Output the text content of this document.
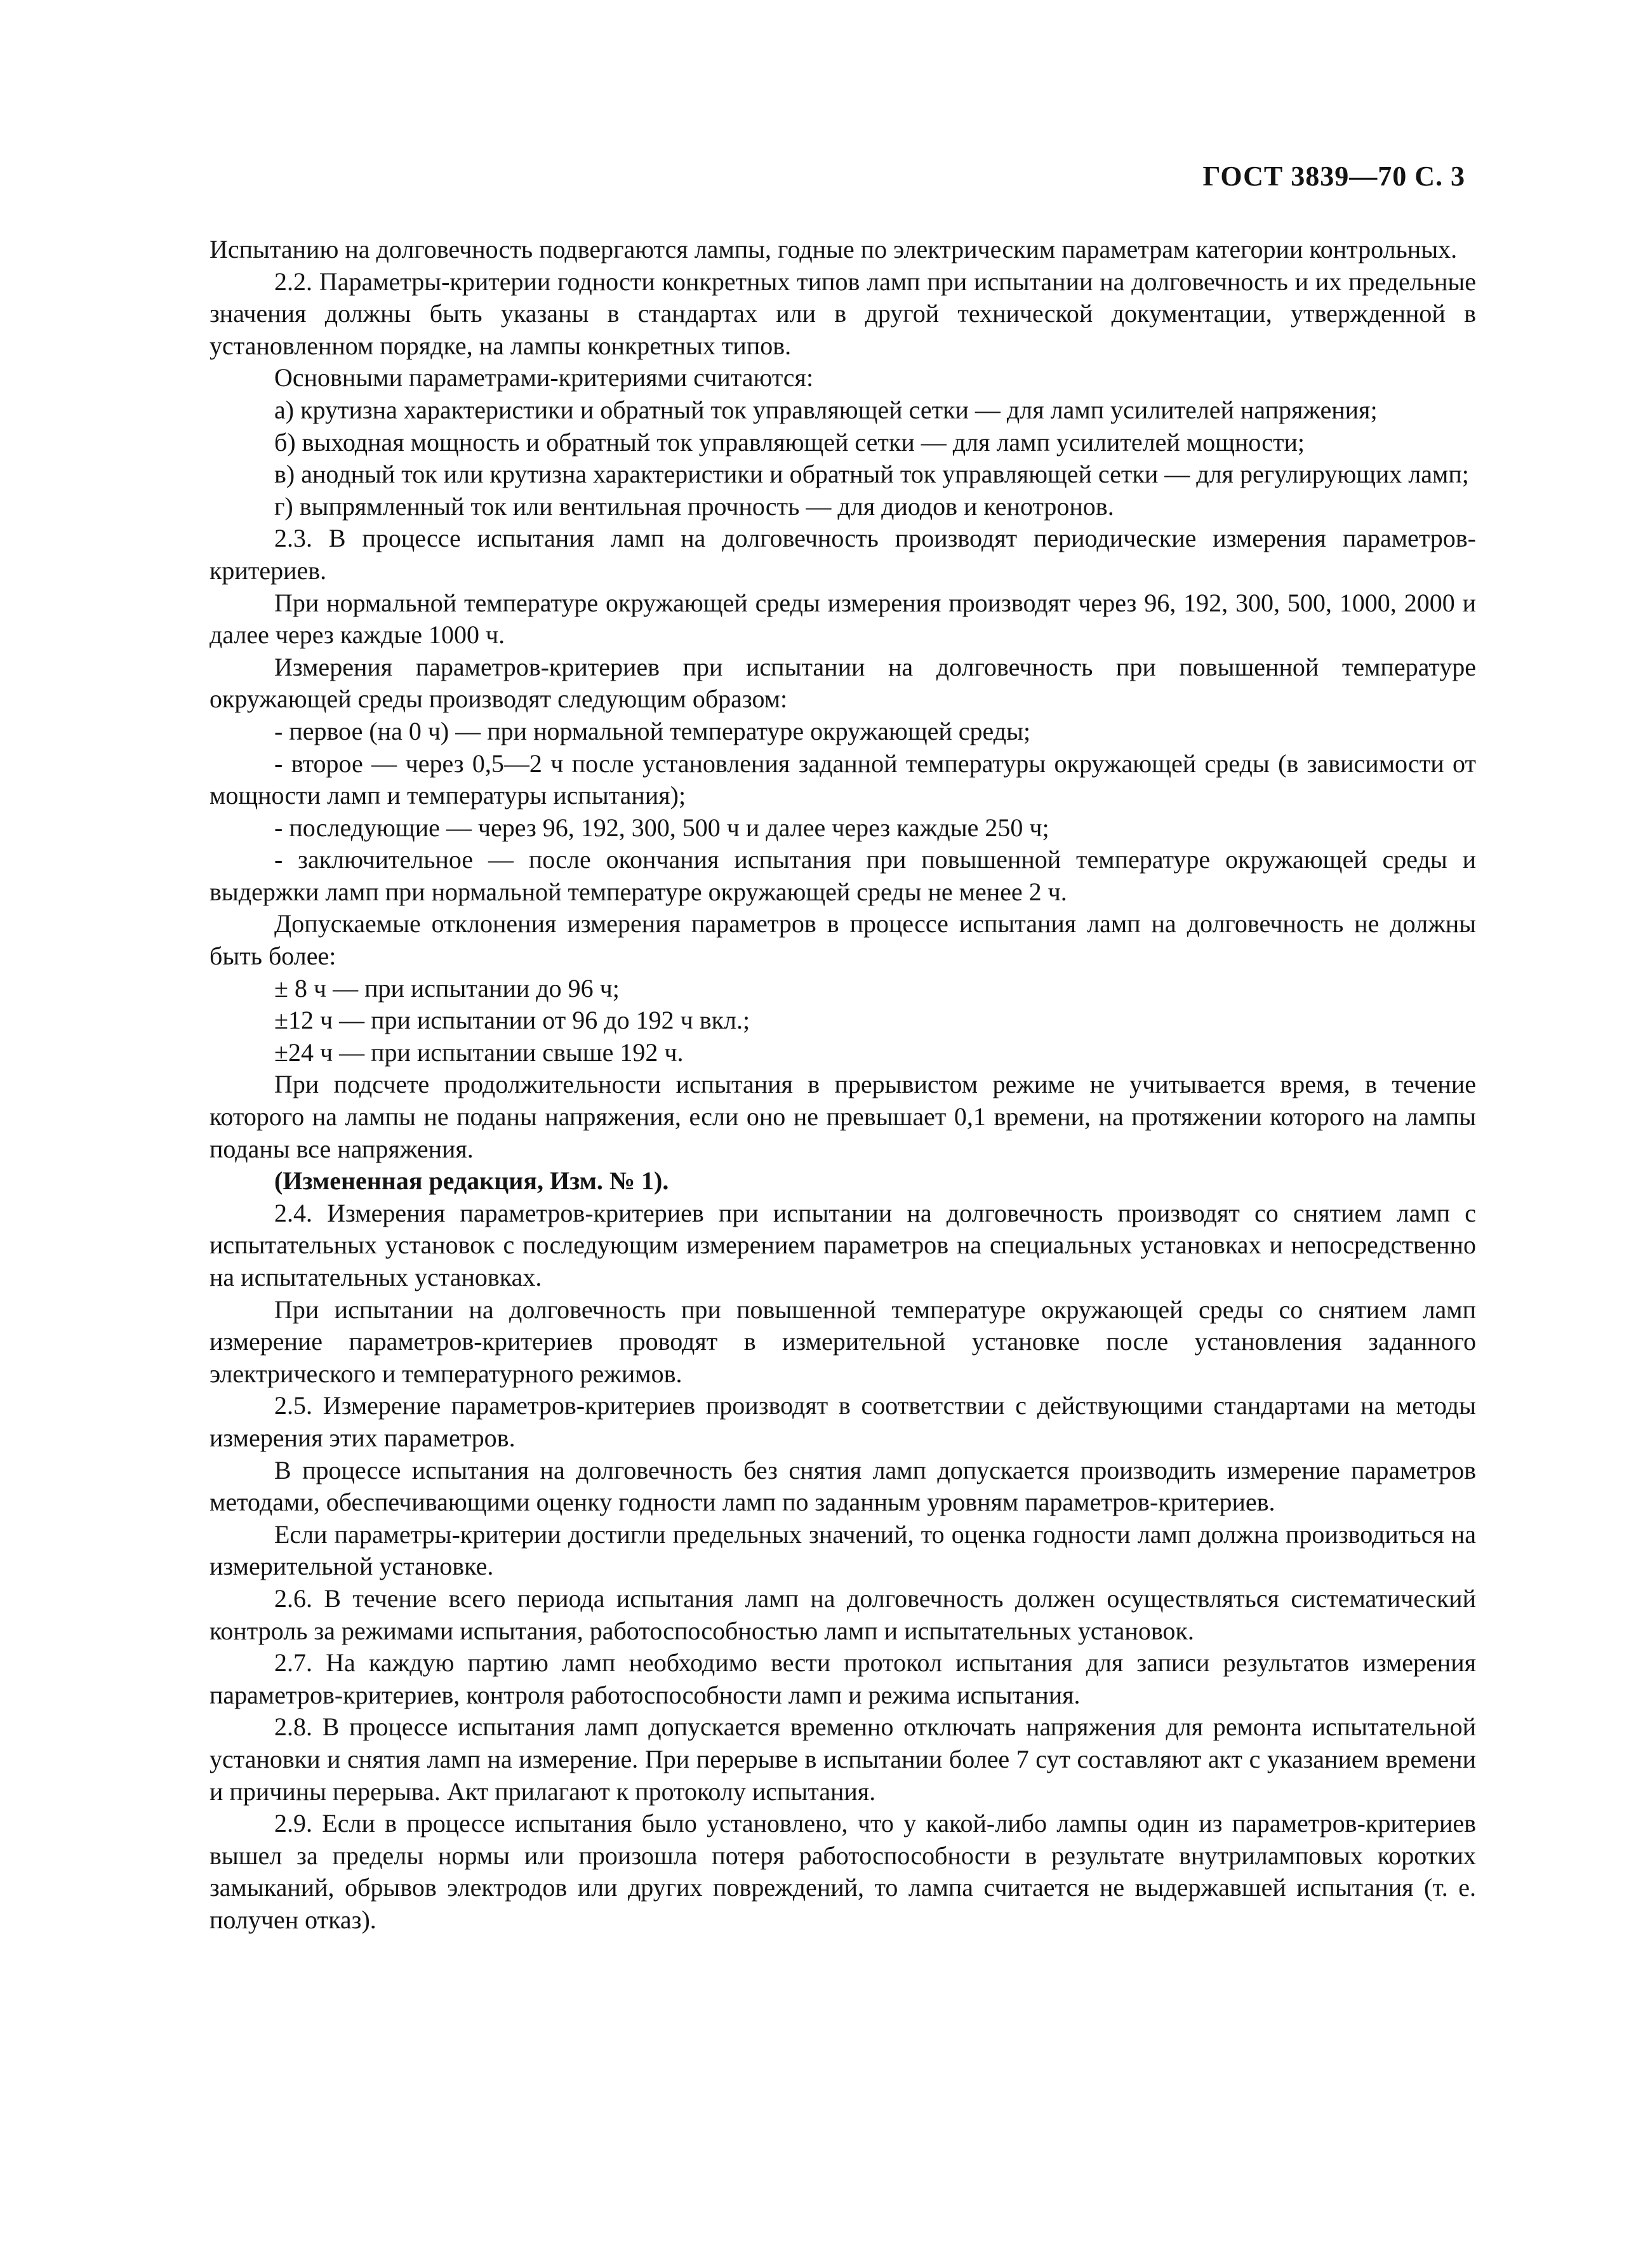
ГОСТ 3839—70 С. 3

Испытанию на долговечность подвергаются лампы, годные по электрическим параметрам категории контрольных.

2.2. Параметры-критерии годности конкретных типов ламп при испытании на долговечность и их предельные значения должны быть указаны в стандартах или в другой технической документации, утвержденной в установленном порядке, на лампы конкретных типов.

Основными параметрами-критериями считаются:

а) крутизна характеристики и обратный ток управляющей сетки — для ламп усилителей напряжения;

б) выходная мощность и обратный ток управляющей сетки — для ламп усилителей мощности;

в) анодный ток или крутизна характеристики и обратный ток управляющей сетки — для регулирующих ламп;

г) выпрямленный ток или вентильная прочность — для диодов и кенотронов.

2.3. В процессе испытания ламп на долговечность производят периодические измерения параметров-критериев.

При нормальной температуре окружающей среды измерения производят через 96, 192, 300, 500, 1000, 2000 и далее через каждые 1000 ч.

Измерения параметров-критериев при испытании на долговечность при повышенной температуре окружающей среды производят следующим образом:

- первое (на 0 ч) — при нормальной температуре окружающей среды;

- второе — через 0,5—2 ч после установления заданной температуры окружающей среды (в зависимости от мощности ламп и температуры испытания);

- последующие — через 96, 192, 300, 500 ч и далее через каждые 250 ч;

- заключительное — после окончания испытания при повышенной температуре окружающей среды и выдержки ламп при нормальной температуре окружающей среды не менее 2 ч.

Допускаемые отклонения измерения параметров в процессе испытания ламп на долговечность не должны быть более:

± 8 ч — при испытании до 96 ч;

±12 ч — при испытании от 96 до 192 ч вкл.;

±24 ч — при испытании свыше 192 ч.

При подсчете продолжительности испытания в прерывистом режиме не учитывается время, в течение которого на лампы не поданы напряжения, если оно не превышает 0,1 времени, на протяжении которого на лампы поданы все напряжения.

(Измененная редакция, Изм. № 1).

2.4. Измерения параметров-критериев при испытании на долговечность производят со снятием ламп с испытательных установок с последующим измерением параметров на специальных установках и непосредственно на испытательных установках.

При испытании на долговечность при повышенной температуре окружающей среды со снятием ламп измерение параметров-критериев проводят в измерительной установке после установления заданного электрического и температурного режимов.

2.5. Измерение параметров-критериев производят в соответствии с действующими стандартами на методы измерения этих параметров.

В процессе испытания на долговечность без снятия ламп допускается производить измерение параметров методами, обеспечивающими оценку годности ламп по заданным уровням параметров-критериев.

Если параметры-критерии достигли предельных значений, то оценка годности ламп должна производиться на измерительной установке.

2.6. В течение всего периода испытания ламп на долговечность должен осуществляться систематический контроль за режимами испытания, работоспособностью ламп и испытательных установок.

2.7. На каждую партию ламп необходимо вести протокол испытания для записи результатов измерения параметров-критериев, контроля работоспособности ламп и режима испытания.

2.8. В процессе испытания ламп допускается временно отключать напряжения для ремонта испытательной установки и снятия ламп на измерение. При перерыве в испытании более 7 сут составляют акт с указанием времени и причины перерыва. Акт прилагают к протоколу испытания.

2.9. Если в процессе испытания было установлено, что у какой-либо лампы один из параметров-критериев вышел за пределы нормы или произошла потеря работоспособности в результате внутриламповых коротких замыканий, обрывов электродов или других повреждений, то лампа считается не выдержавшей испытания (т. е. получен отказ).
